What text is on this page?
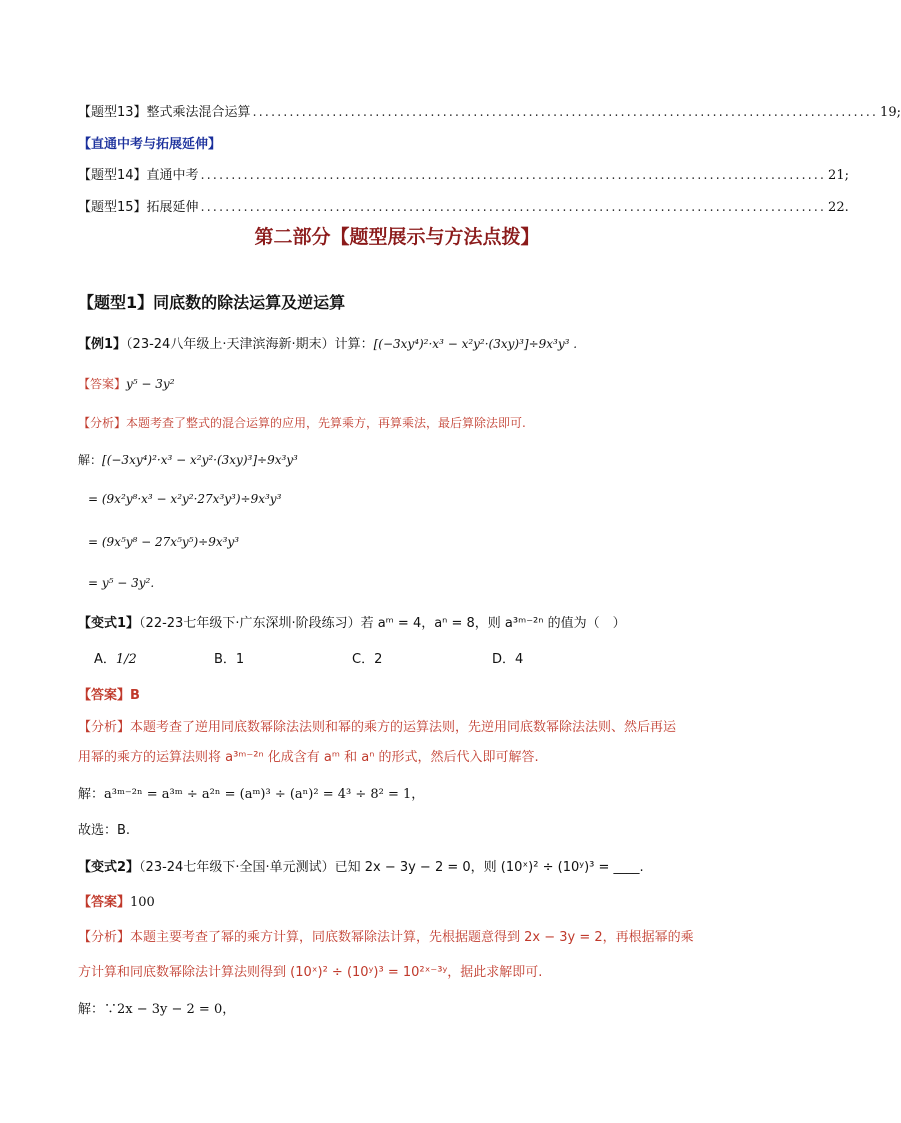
【题型13】整式乘法混合运算 ...................................................................................................... 19;
【直通中考与拓展延伸】
【题型14】直通中考 ...................................................................................................... 21;
【题型15】拓展延伸 ...................................................................................................... 22.
第二部分【题型展示与方法点拨】
【题型1】同底数的除法运算及逆运算
【例1】（23-24八年级上·天津滨海新·期末）计算：[(−3xy⁴)²·x³ − x²y²·(3xy)³]÷9x³y³ .
【答案】y⁵ − 3y²
【分析】本题考查了整式的混合运算的应用，先算乘方，再算乘法，最后算除法即可.
解：[(−3xy⁴)²·x³ − x²y²·(3xy)³]÷9x³y³
= (9x²y⁸·x³ − x²y²·27x³y³)÷9x³y³
= (9x⁵y⁸ − 27x⁵y⁵)÷9x³y³
= y⁵ − 3y².
【变式1】（22-23七年级下·广东深圳·阶段练习）若 aᵐ = 4，aⁿ = 8，则 a³ᵐ⁻²ⁿ 的值为（　）
A．1/2	B．1	C．2	D．4
【答案】B
【分析】本题考查了逆用同底数幂除法法则和幂的乘方的运算法则，先逆用同底数幂除法法则、然后再运
用幂的乘方的运算法则将 a³ᵐ⁻²ⁿ 化成含有 aᵐ 和 aⁿ 的形式，然后代入即可解答.
解：a³ᵐ⁻²ⁿ = a³ᵐ ÷ a²ⁿ = (aᵐ)³ ÷ (aⁿ)² = 4³ ÷ 8² = 1，
故选：B.
【变式2】（23-24七年级下·全国·单元测试）已知 2x − 3y − 2 = 0，则 (10ˣ)² ÷ (10ʸ)³ = ____.
【答案】100
【分析】本题主要考查了幂的乘方计算，同底数幂除法计算，先根据题意得到 2x − 3y = 2，再根据幂的乘
方计算和同底数幂除法计算法则得到 (10ˣ)² ÷ (10ʸ)³ = 10²ˣ⁻³ʸ，据此求解即可.
解：∵2x − 3y − 2 = 0，
